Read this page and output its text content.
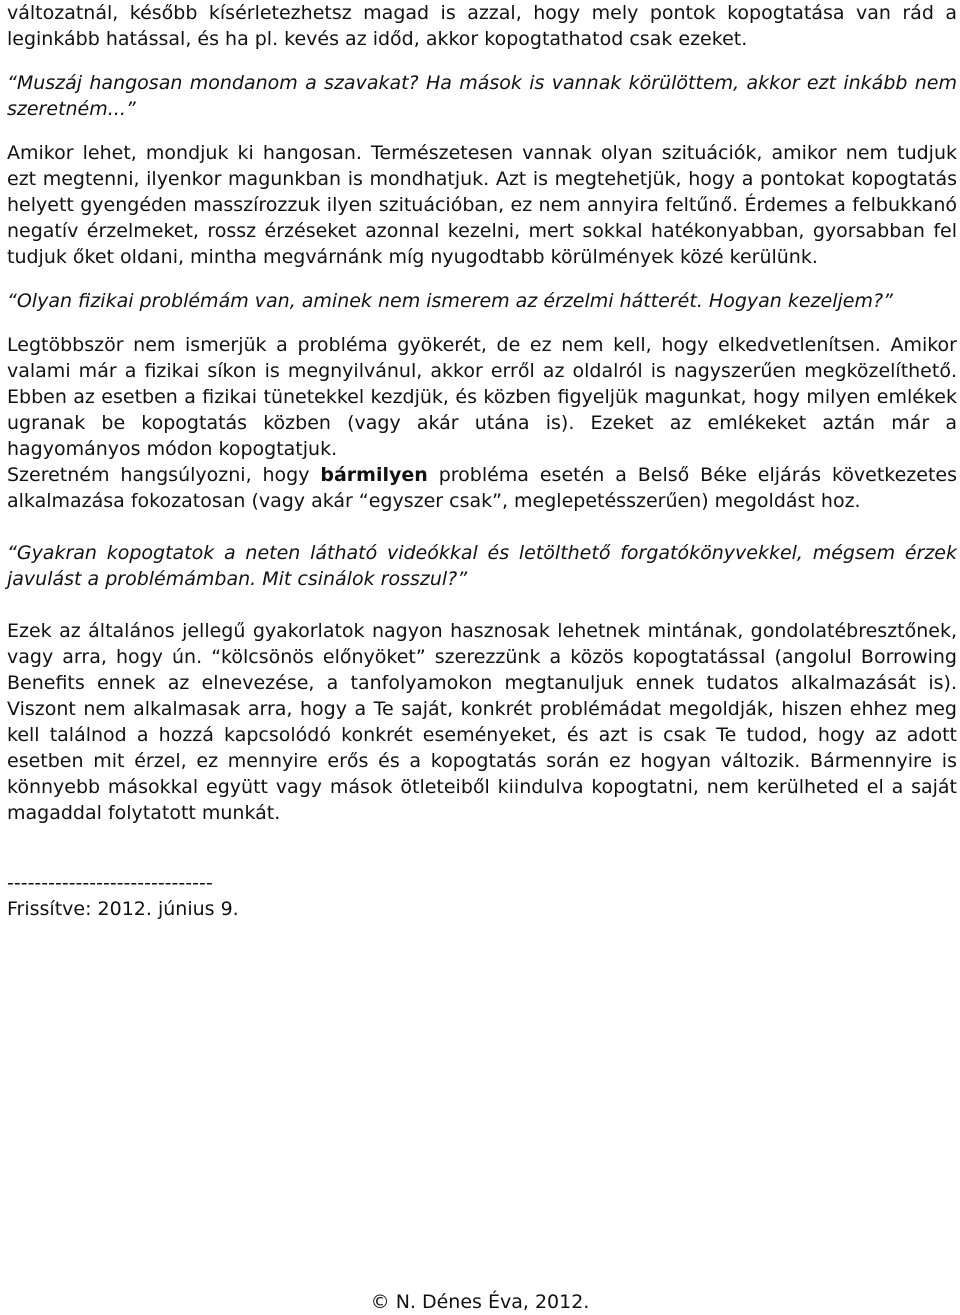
változatnál, később kísérletezhetsz magad is azzal, hogy mely pontok kopogtatása van rád a leginkább hatással, és ha pl. kevés az időd, akkor kopogtathatod csak ezeket.

“Muszáj hangosan mondanom a szavakat? Ha mások is vannak körülöttem, akkor ezt inkább nem szeretném...”

Amikor lehet, mondjuk ki hangosan. Természetesen vannak olyan szituációk, amikor nem tudjuk ezt megtenni, ilyenkor magunkban is mondhatjuk. Azt is megtehetjük, hogy a pontokat kopogtatás helyett gyengéden masszírozzuk ilyen szituációban, ez nem annyira feltűnő. Érdemes a felbukkanó negatív érzelmeket, rossz érzéseket azonnal kezelni, mert sokkal hatékonyabban, gyorsabban fel tudjuk őket oldani, mintha megvárnánk míg nyugodtabb körülmények közé kerülünk.

“Olyan fizikai problémám van, aminek nem ismerem az érzelmi hátterét. Hogyan kezeljem?”

Legtöbbször nem ismerjük a probléma gyökerét, de ez nem kell, hogy elkedvetlenítsen. Amikor valami már a fizikai síkon is megnyilvánul, akkor erről az oldalról is nagyszerűen megközelíthető. Ebben az esetben a fizikai tünetekkel kezdjük, és közben figyeljük magunkat, hogy milyen emlékek ugranak be kopogtatás közben (vagy akár utána is). Ezeket az emlékeket aztán már a hagyományos módon kopogtatjuk.

Szeretném hangsúlyozni, hogy bármilyen probléma esetén a Belső Béke eljárás következetes alkalmazása fokozatosan (vagy akár “egyszer csak”, meglepetésszerűen) megoldást hoz.

“Gyakran kopogtatok a neten látható videókkal és letölthető forgatókönyvekkel, mégsem érzek javulást a problémámban. Mit csinálok rosszul?”

Ezek az általános jellegű gyakorlatok nagyon hasznosak lehetnek mintának, gondolatébresztőnek, vagy arra, hogy ún. “kölcsönös előnyöket” szerezzünk a közös kopogtatással (angolul Borrowing Benefits ennek az elnevezése, a tanfolyamokon megtanuljuk ennek tudatos alkalmazását is). Viszont nem alkalmasak arra, hogy a Te saját, konkrét problémádat megoldják, hiszen ehhez meg kell találnod a hozzá kapcsolódó konkrét eseményeket, és azt is csak Te tudod, hogy az adott esetben mit érzel, ez mennyire erős és a kopogtatás során ez hogyan változik. Bármennyire is könnyebb másokkal együtt vagy mások ötleteiből kiindulva kopogtatni, nem kerülheted el a saját magaddal folytatott munkát.

------------------------------

Frissítve: 2012. június 9.

© N. Dénes Éva, 2012.
